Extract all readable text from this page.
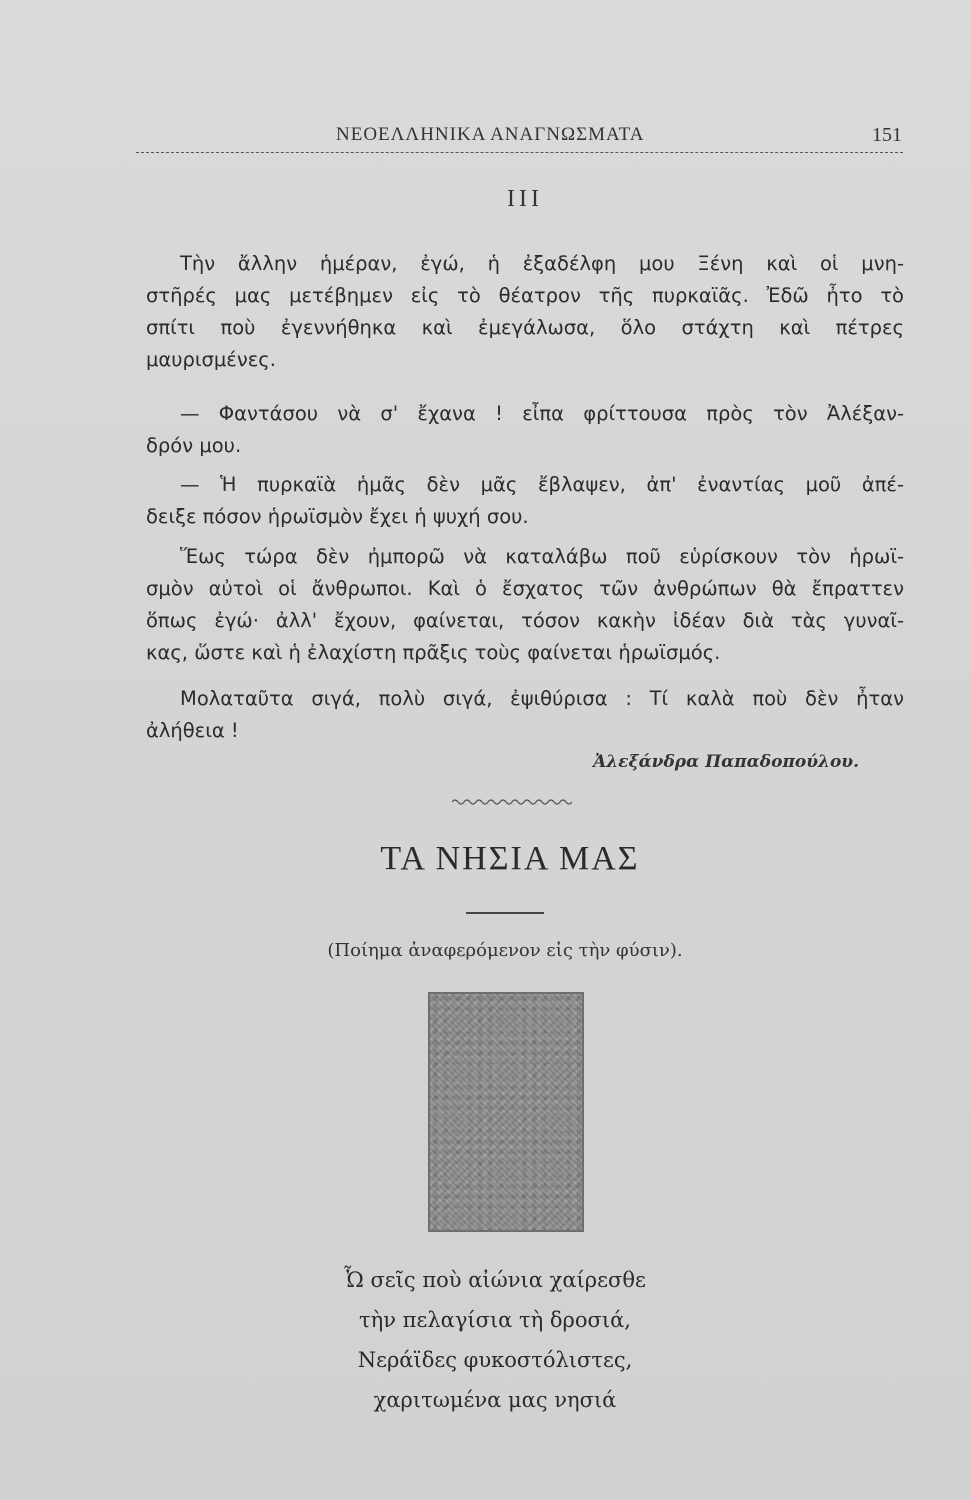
ΝΕΟΕΛΛΗΝΙΚΑ ΑΝΑΓΝΩΣΜΑΤΑ	151
III

Τὴν ἄλλην ἡμέραν, ἐγώ, ἡ ἐξαδέλφη μου Ξένη καὶ οἱ μνη-
στῆρές μας μετέβημεν εἰς τὸ θέατρον τῆς πυρκαϊᾶς. Ἐδῶ ἦτο τὸ
σπίτι ποὺ ἐγεννήθηκα καὶ ἐμεγάλωσα, ὅλο στάχτη καὶ πέτρες
μαυρισμένες.

— Φαντάσου νὰ σ' ἔχανα ! εἶπα φρίττουσα πρὸς τὸν Ἀλέξαν-
δρόν μου.

— Ἡ πυρκαϊὰ ἡμᾶς δὲν μᾶς ἔβλαψεν, ἀπ' ἐναντίας μοῦ ἀπέ-
δειξε πόσον ἡρωϊσμὸν ἔχει ἡ ψυχή σου.

Ἕως τώρα δὲν ἠμπορῶ νὰ καταλάβω ποῦ εὑρίσκουν τὸν ἡρωϊ-
σμὸν αὐτοὶ οἱ ἄνθρωποι. Καὶ ὁ ἔσχατος τῶν ἀνθρώπων θὰ ἔπραττεν
ὅπως ἐγώ· ἀλλ' ἔχουν, φαίνεται, τόσον κακὴν ἰδέαν διὰ τὰς γυναῖ-
κας, ὥστε καὶ ἡ ἐλαχίστη πρᾶξις τοὺς φαίνεται ἡρωϊσμός.

Μολαταῦτα σιγά, πολὺ σιγά, ἐψιθύρισα : Τί καλὰ ποὺ δὲν ἦταν
ἀλήθεια !

Ἀλεξάνδρα Παπαδοπούλου.
ΤΑ ΝΗΣΙΑ ΜΑΣ
(Ποίημα ἀναφερόμενον εἰς τὴν φύσιν).
Ὦ σεῖς ποὺ αἰώνια χαίρεσθε
τὴν πελαγίσια τὴ δροσιά,
Νεράϊδες φυκοστόλιστες,
χαριτωμένα μας νησιά
